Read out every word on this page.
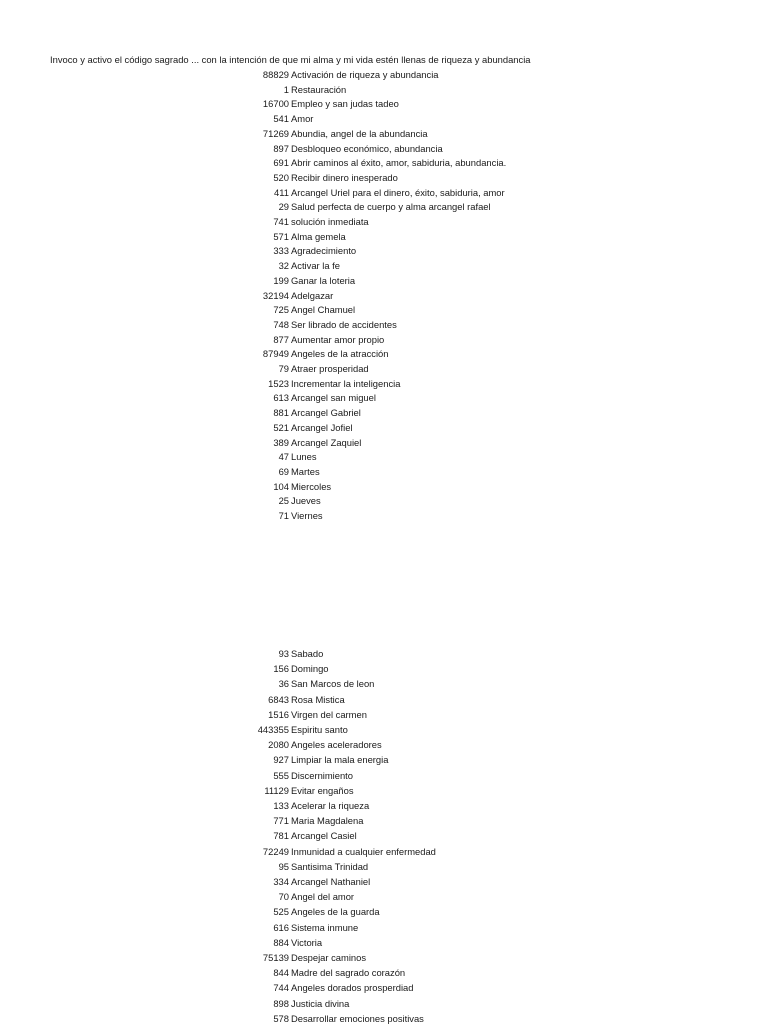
Invoco y activo el código sagrado ... con la intención de que mi alma y mi vida estén llenas de riqueza y abundancia
88829 Activación de riqueza y abundancia
1 Restauración
16700 Empleo y san judas tadeo
541 Amor
71269 Abundia, angel de la abundancia
897 Desbloqueo económico, abundancia
691 Abrir caminos al éxito, amor, sabiduria, abundancia.
520 Recibir dinero inesperado
411 Arcangel Uriel para el dinero, éxito, sabiduria, amor
29 Salud perfecta de cuerpo y alma arcangel rafael
741 solución inmediata
571 Alma gemela
333 Agradecimiento
32 Activar la fe
199 Ganar la loteria
32194 Adelgazar
725 Angel Chamuel
748 Ser librado de accidentes
877 Aumentar amor propio
87949 Angeles de la atracción
79 Atraer prosperidad
1523 Incrementar la inteligencia
613 Arcangel san miguel
881 Arcangel Gabriel
521 Arcangel Jofiel
389 Arcangel Zaquiel
47 Lunes
69 Martes
104 Miercoles
25 Jueves
71 Viernes
93 Sabado
156 Domingo
36 San Marcos de leon
6843 Rosa Mistica
1516 Virgen del carmen
443355 Espiritu santo
2080 Angeles aceleradores
927 Limpiar la mala energia
555 Discernimiento
11129 Evitar engaños
133 Acelerar la riqueza
771 Maria Magdalena
781 Arcangel Casiel
72249 Inmunidad a cualquier enfermedad
95 Santisima Trinidad
334 Arcangel Nathaniel
70 Angel del amor
525 Angeles de la guarda
616 Sistema inmune
884 Victoria
75139 Despejar caminos
844 Madre del sagrado corazón
744 Angeles dorados prosperdiad
898 Justicia divina
578 Desarrollar emociones positivas
